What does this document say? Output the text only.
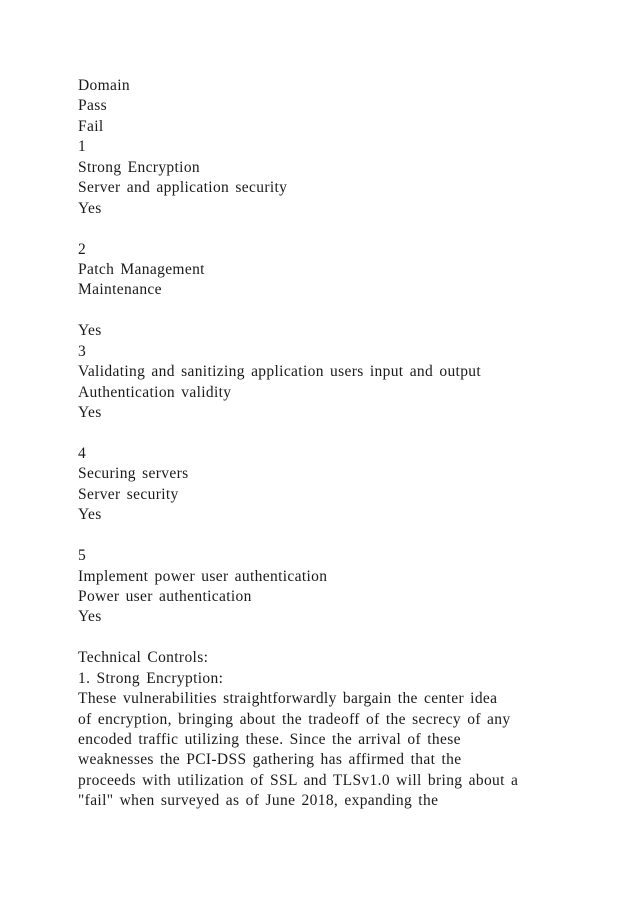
Domain
Pass
Fail
1
Strong Encryption
Server and application security
Yes
2
Patch Management
Maintenance
Yes
3
Validating and sanitizing application users input and output
Authentication validity
Yes
4
Securing servers
Server security
Yes
5
Implement power user authentication
Power user authentication
Yes
Technical Controls:
1. Strong Encryption:
These vulnerabilities straightforwardly bargain the center idea
of encryption, bringing about the tradeoff of the secrecy of any
encoded traffic utilizing these. Since the arrival of these
weaknesses the PCI-DSS gathering has affirmed that the
proceeds with utilization of SSL and TLSv1.0 will bring about a
"fail" when surveyed as of June 2018, expanding the
